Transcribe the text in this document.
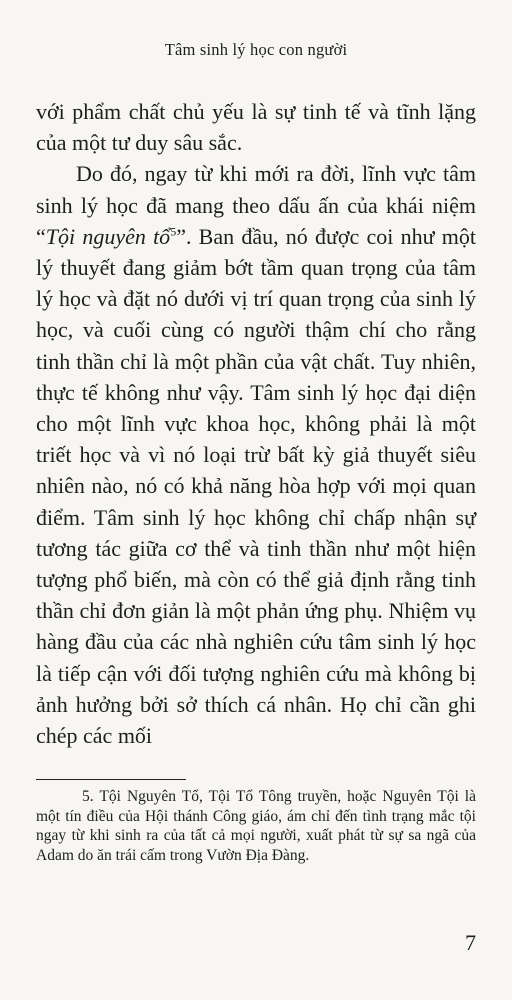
Tâm sinh lý học con người

với phẩm chất chủ yếu là sự tinh tế và tĩnh lặng của một tư duy sâu sắc.

Do đó, ngay từ khi mới ra đời, lĩnh vực tâm sinh lý học đã mang theo dấu ấn của khái niệm “Tội nguyên tổ$^5$”. Ban đầu, nó được coi như một lý thuyết đang giảm bớt tầm quan trọng của tâm lý học và đặt nó dưới vị trí quan trọng của sinh lý học, và cuối cùng có người thậm chí cho rằng tinh thần chỉ là một phần của vật chất. Tuy nhiên, thực tế không như vậy. Tâm sinh lý học đại diện cho một lĩnh vực khoa học, không phải là một triết học và vì nó loại trừ bất kỳ giả thuyết siêu nhiên nào, nó có khả năng hòa hợp với mọi quan điểm. Tâm sinh lý học không chỉ chấp nhận sự tương tác giữa cơ thể và tinh thần như một hiện tượng phổ biến, mà còn có thể giả định rằng tinh thần chỉ đơn giản là một phản ứng phụ. Nhiệm vụ hàng đầu của các nhà nghiên cứu tâm sinh lý học là tiếp cận với đối tượng nghiên cứu mà không bị ảnh hưởng bởi sở thích cá nhân. Họ chỉ cần ghi chép các mối

5. Tội Nguyên Tổ, Tội Tổ Tông truyền, hoặc Nguyên Tội là một tín điều của Hội thánh Công giáo, ám chỉ đến tình trạng mắc tội ngay từ khi sinh ra của tất cả mọi người, xuất phát từ sự sa ngã của Adam do ăn trái cấm trong Vườn Địa Đàng.

7
